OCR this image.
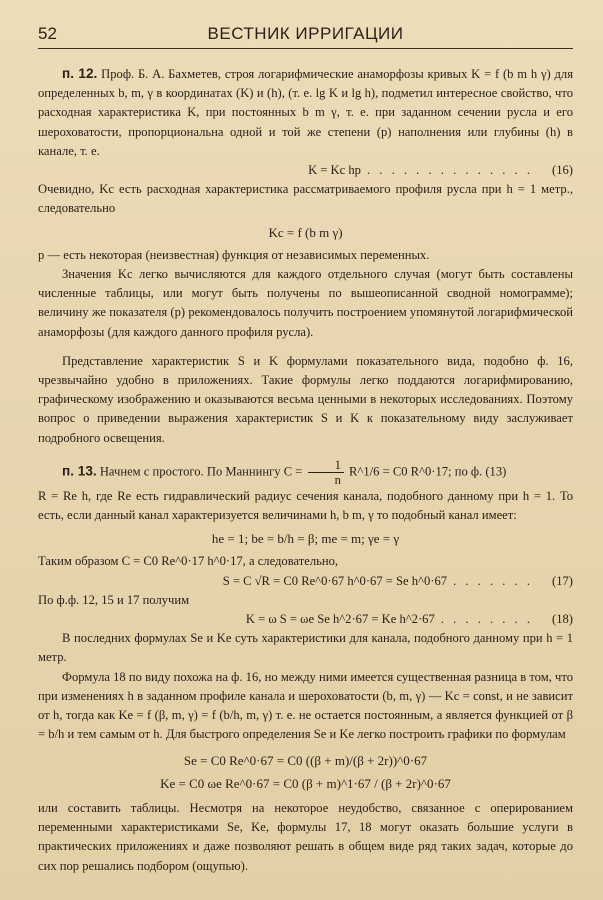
52	ВЕСТНИК ИРРИГАЦИИ

п. 12. Проф. Б. А. Бахметев, строя логарифмические анаморфозы кривых K = f (b m h γ) для определенных b, m, γ в координатах (K) и (h), (т. е. lg K и lg h), подметил интересное свойство, что расходная характеристика K, при постоянных b m γ, т. е. при заданном сечении русла и его шероховатости, пропорциональна одной и той же степени (p) наполнения или глубины (h) в канале, т. е.

K = Kc hp . . . . . . . . . . . . . .	(16)

Очевидно, Kc есть расходная характеристика рассматриваемого профиля русла при h = 1 метр., следовательно

Kc = f (b m γ)

p — есть некоторая (неизвестная) функция от независимых переменных.

Значения Kc легко вычисляются для каждого отдельного случая (могут быть составлены численные таблицы, или могут быть получены по вышеописанной сводной номограмме); величину же показателя (p) рекомендовалось получить построением упомянутой логарифмической анаморфозы (для каждого данного профиля русла).

Представление характеристик S и K формулами показательного вида, подобно ф. 16, чрезвычайно удобно в приложениях. Такие формулы легко поддаются логарифмированию, графическому изображению и оказываются весьма ценными в некоторых исследованиях. Поэтому вопрос о приведении выражения характеристик S и K к показательному виду заслуживает подробного освещения.

п. 13. Начнем с простого. По Маннингу $C = \frac{1}{n}$ R^1/6 = C0 R^0·17; по ф. (13)

R = Re h, где Re есть гидравлический радиус сечения канала, подобного данному при h = 1. То есть, если данный канал характеризуется величинами h, b m, γ то подобный канал имеет:

he = 1; be = b/h = β; me = m; γe = γ

Таким образом C = C0 Re^0·17 h^0·17, а следовательно,

S = C √R = C0 Re^0·67 h^0·67 = Se h^0·67 . . . . . . .	(17)

По ф.ф. 12, 15 и 17 получим

K = ω S = ωe Se h^2·67 = Ke h^2·67 . . . . . . . .	(18)

В последних формулах Se и Ke суть характеристики для канала, подобного данному при h = 1 метр.

Формула 18 по виду похожа на ф. 16, но между ними имеется существенная разница в том, что при изменениях h в заданном профиле канала и шероховатости (b, m, γ) — Kc = const, и не зависит от h, тогда как Ke = f (β, m, γ) = f (b/h, m, γ) т. е. не остается постоянным, а является функцией от β = b/h и тем самым от h. Для быстрого определения Se и Ke легко построить графики по формулам

Se = C0 Re^0·67 = C0 ((β + m)/(β + 2r))^0·67
Ke = C0 ωe Re^0·67 = C0 (β + m)^1·67 / (β + 2r)^0·67

или составить таблицы. Несмотря на некоторое неудобство, связанное с оперированием переменными характеристиками Se, Ke, формулы 17, 18 могут оказать большие услуги в практических приложениях и даже позволяют решать в общем виде ряд таких задач, которые до сих пор решались подбором (ощупью).
